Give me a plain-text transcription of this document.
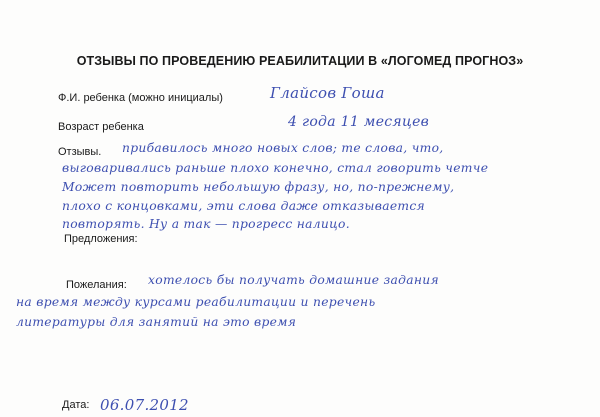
ОТЗЫВЫ ПО ПРОВЕДЕНИЮ РЕАБИЛИТАЦИИ В «ЛОГОМЕД ПРОГНОЗ»
Ф.И. ребенка (можно инициалы)	Глайсов Гоша
Возраст ребенка	4 года 11 месяцев
Отзывы. прибавилось много новых слов; те слова, что,
выговаривались раньше плохо конечно, стал говорить четче
Может повторить небольшую фразу, но, по-прежнему,
плохо с концовками, эти слова даже отказывается
повторять. Ну а так — прогресс налицо.
Предложения:
Пожелания: хотелось бы получать домашние задания
на время между курсами реабилитации и перечень
литературы для занятий на это время
Дата: 06.07.2012
